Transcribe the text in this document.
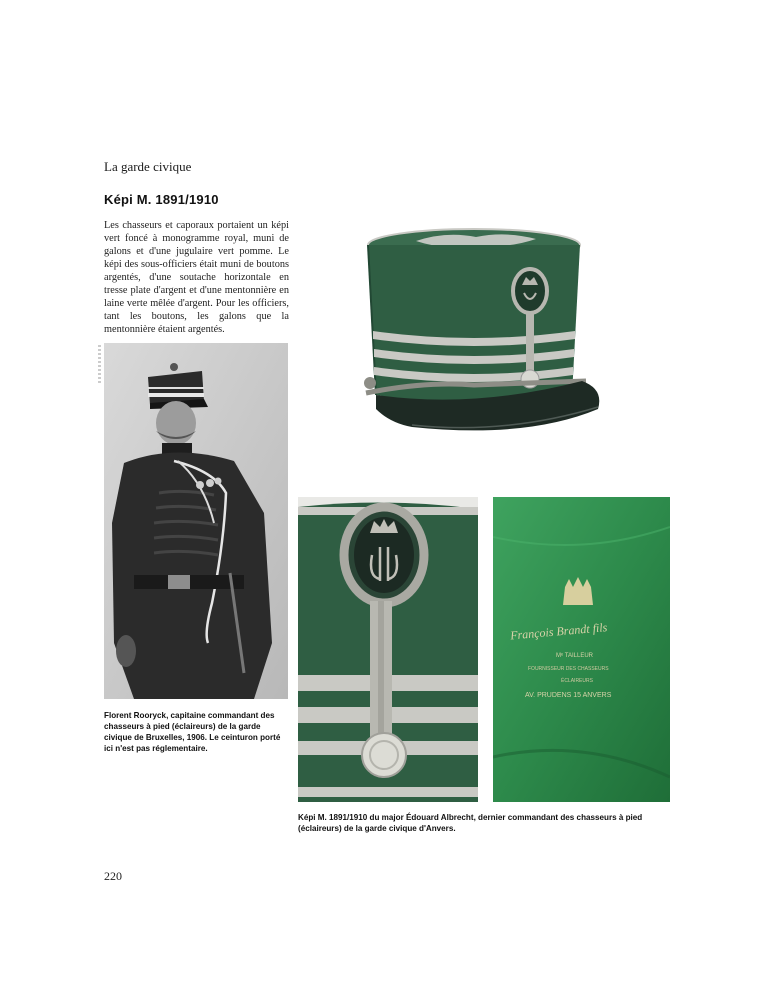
La garde civique
Képi M. 1891/1910
Les chasseurs et caporaux portaient un képi vert foncé à monogramme royal, muni de galons et d'une jugulaire vert pomme. Le képi des sous-officiers était muni de boutons argentés, d'une soutache horizontale en tresse plate d'argent et d'une mentonnière en laine verte mêlée d'argent. Pour les officiers, tant les boutons, les galons que la mentonnière étaient argentés.
François Brandt fils
Mᵉ TAILLEUR
FOURNISSEUR DES CHASSEURS
ÉCLAIREURS
AV. PRUDENS 15 ANVERS
Florent Rooryck, capitaine commandant des chasseurs à pied (éclaireurs) de la garde civique de Bruxelles, 1906. Le ceinturon porté ici n'est pas réglementaire.
Képi M. 1891/1910 du major Édouard Albrecht, dernier commandant des chasseurs à pied (éclaireurs) de la garde civique d'Anvers.
220
